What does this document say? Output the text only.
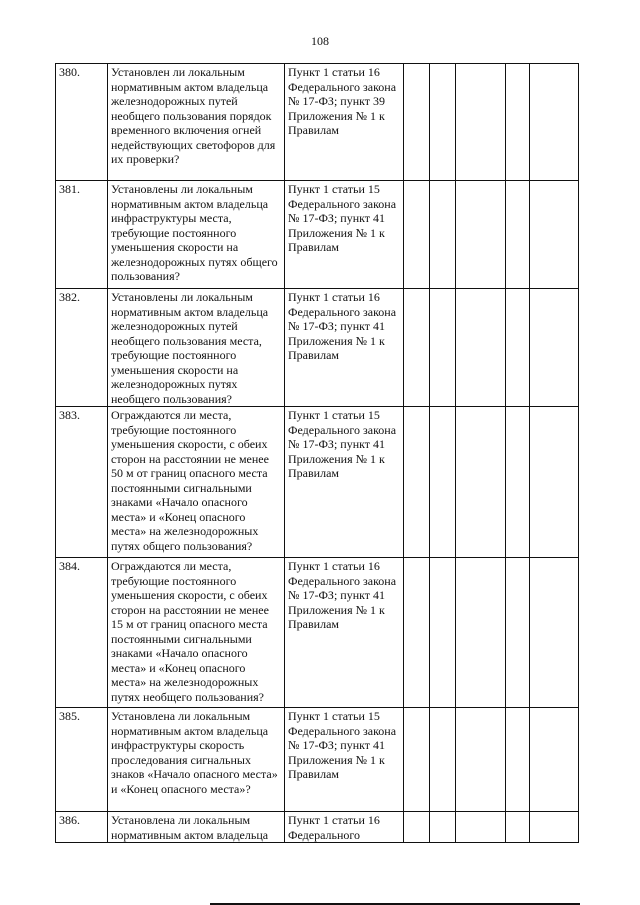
108
380.	Установлен ли локальным нормативным актом владельца железнодорожных путей необщего пользования порядок временного включения огней недействующих светофоров для их проверки?	Пункт 1 статьи 16 Федерального закона № 17-ФЗ; пункт 39 Приложения № 1 к Правилам					
381.	Установлены ли локальным нормативным актом владельца инфраструктуры места, требующие постоянного уменьшения скорости на железнодорожных путях общего пользования?	Пункт 1 статьи 15 Федерального закона № 17-ФЗ; пункт 41 Приложения № 1 к Правилам					
382.	Установлены ли локальным нормативным актом владельца железнодорожных путей необщего пользования места, требующие постоянного уменьшения скорости на железнодорожных путях необщего пользования?	Пункт 1 статьи 16 Федерального закона № 17-ФЗ; пункт 41 Приложения № 1 к Правилам					
383.	Ограждаются ли места, требующие постоянного уменьшения скорости, с обеих сторон на расстоянии не менее 50 м от границ опасного места постоянными сигнальными знаками «Начало опасного места» и «Конец опасного места» на железнодорожных путях общего пользования?	Пункт 1 статьи 15 Федерального закона № 17-ФЗ; пункт 41 Приложения № 1 к Правилам					
384.	Ограждаются ли места, требующие постоянного уменьшения скорости, с обеих сторон на расстоянии не менее 15 м от границ опасного места постоянными сигнальными знаками «Начало опасного места» и «Конец опасного места» на железнодорожных путях необщего пользования?	Пункт 1 статьи 16 Федерального закона № 17-ФЗ; пункт 41 Приложения № 1 к Правилам					
385.	Установлена ли локальным нормативным актом владельца инфраструктуры скорость проследования сигнальных знаков «Начало опасного места» и «Конец опасного места»?	Пункт 1 статьи 15 Федерального закона № 17-ФЗ; пункт 41 Приложения № 1 к Правилам					
386.	Установлена ли локальным нормативным актом владельца	Пункт 1 статьи 16 Федерального					
